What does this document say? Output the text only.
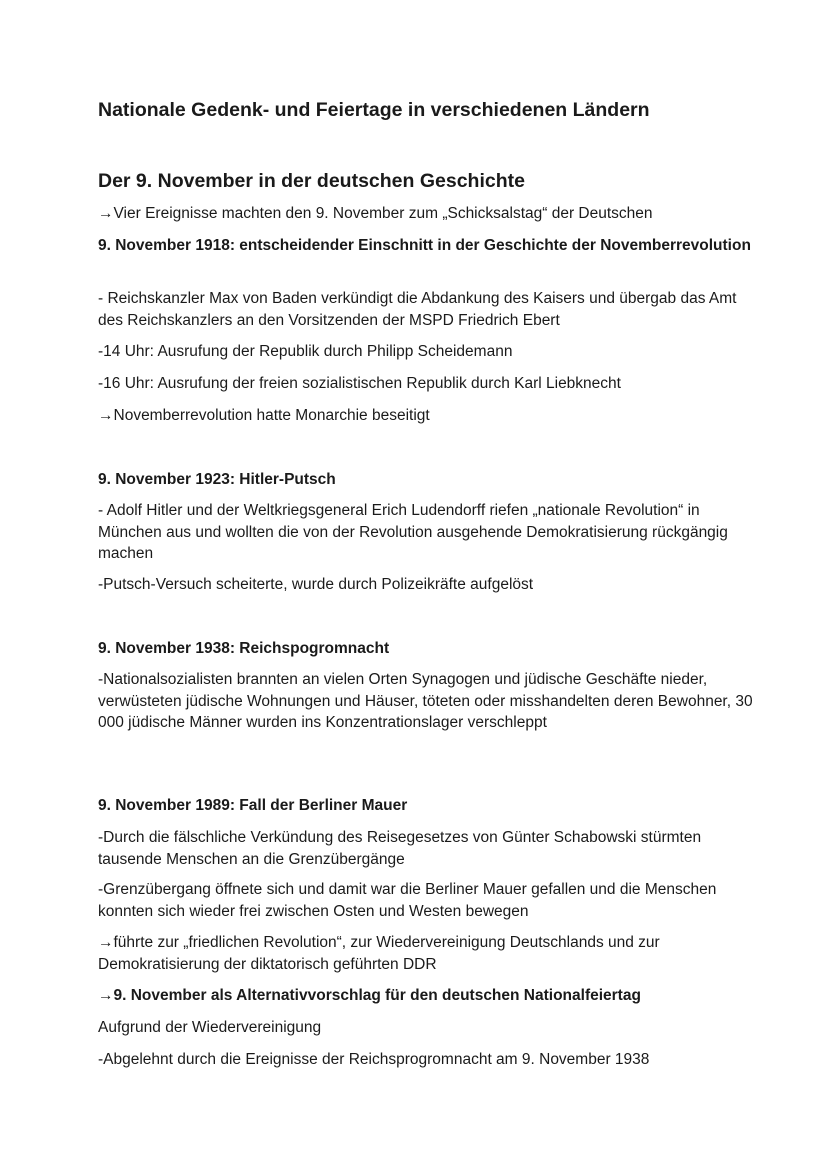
Nationale Gedenk- und Feiertage in verschiedenen Ländern
Der 9. November in der deutschen Geschichte

→Vier Ereignisse machten den 9. November zum „Schicksalstag“ der Deutschen

9. November 1918: entscheidender Einschnitt in der Geschichte der Novemberrevolution

- Reichskanzler Max von Baden verkündigt die Abdankung des Kaisers und übergab das Amt des Reichskanzlers an den Vorsitzenden der MSPD Friedrich Ebert

-14 Uhr: Ausrufung der Republik durch Philipp Scheidemann

-16 Uhr: Ausrufung der freien sozialistischen Republik durch Karl Liebknecht

→Novemberrevolution hatte Monarchie beseitigt

9. November 1923: Hitler-Putsch

- Adolf Hitler und der Weltkriegsgeneral Erich Ludendorff riefen „nationale Revolution“ in München aus und wollten die von der Revolution ausgehende Demokratisierung rückgängig machen

-Putsch-Versuch scheiterte, wurde durch Polizeikräfte aufgelöst

9. November 1938: Reichspogromnacht

-Nationalsozialisten brannten an vielen Orten Synagogen und jüdische Geschäfte nieder, verwüsteten jüdische Wohnungen und Häuser, töteten oder misshandelten deren Bewohner, 30 000 jüdische Männer wurden ins Konzentrationslager verschleppt

9. November 1989: Fall der Berliner Mauer

-Durch die fälschliche Verkündung des Reisegesetzes von Günter Schabowski stürmten tausende Menschen an die Grenzübergänge

-Grenzübergang öffnete sich und damit war die Berliner Mauer gefallen und die Menschen konnten sich wieder frei zwischen Osten und Westen bewegen

→führte zur „friedlichen Revolution“, zur Wiedervereinigung Deutschlands und zur Demokratisierung der diktatorisch geführten DDR

→9. November als Alternativvorschlag für den deutschen Nationalfeiertag

Aufgrund der Wiedervereinigung

-Abgelehnt durch die Ereignisse der Reichsprogromnacht am 9. November 1938
